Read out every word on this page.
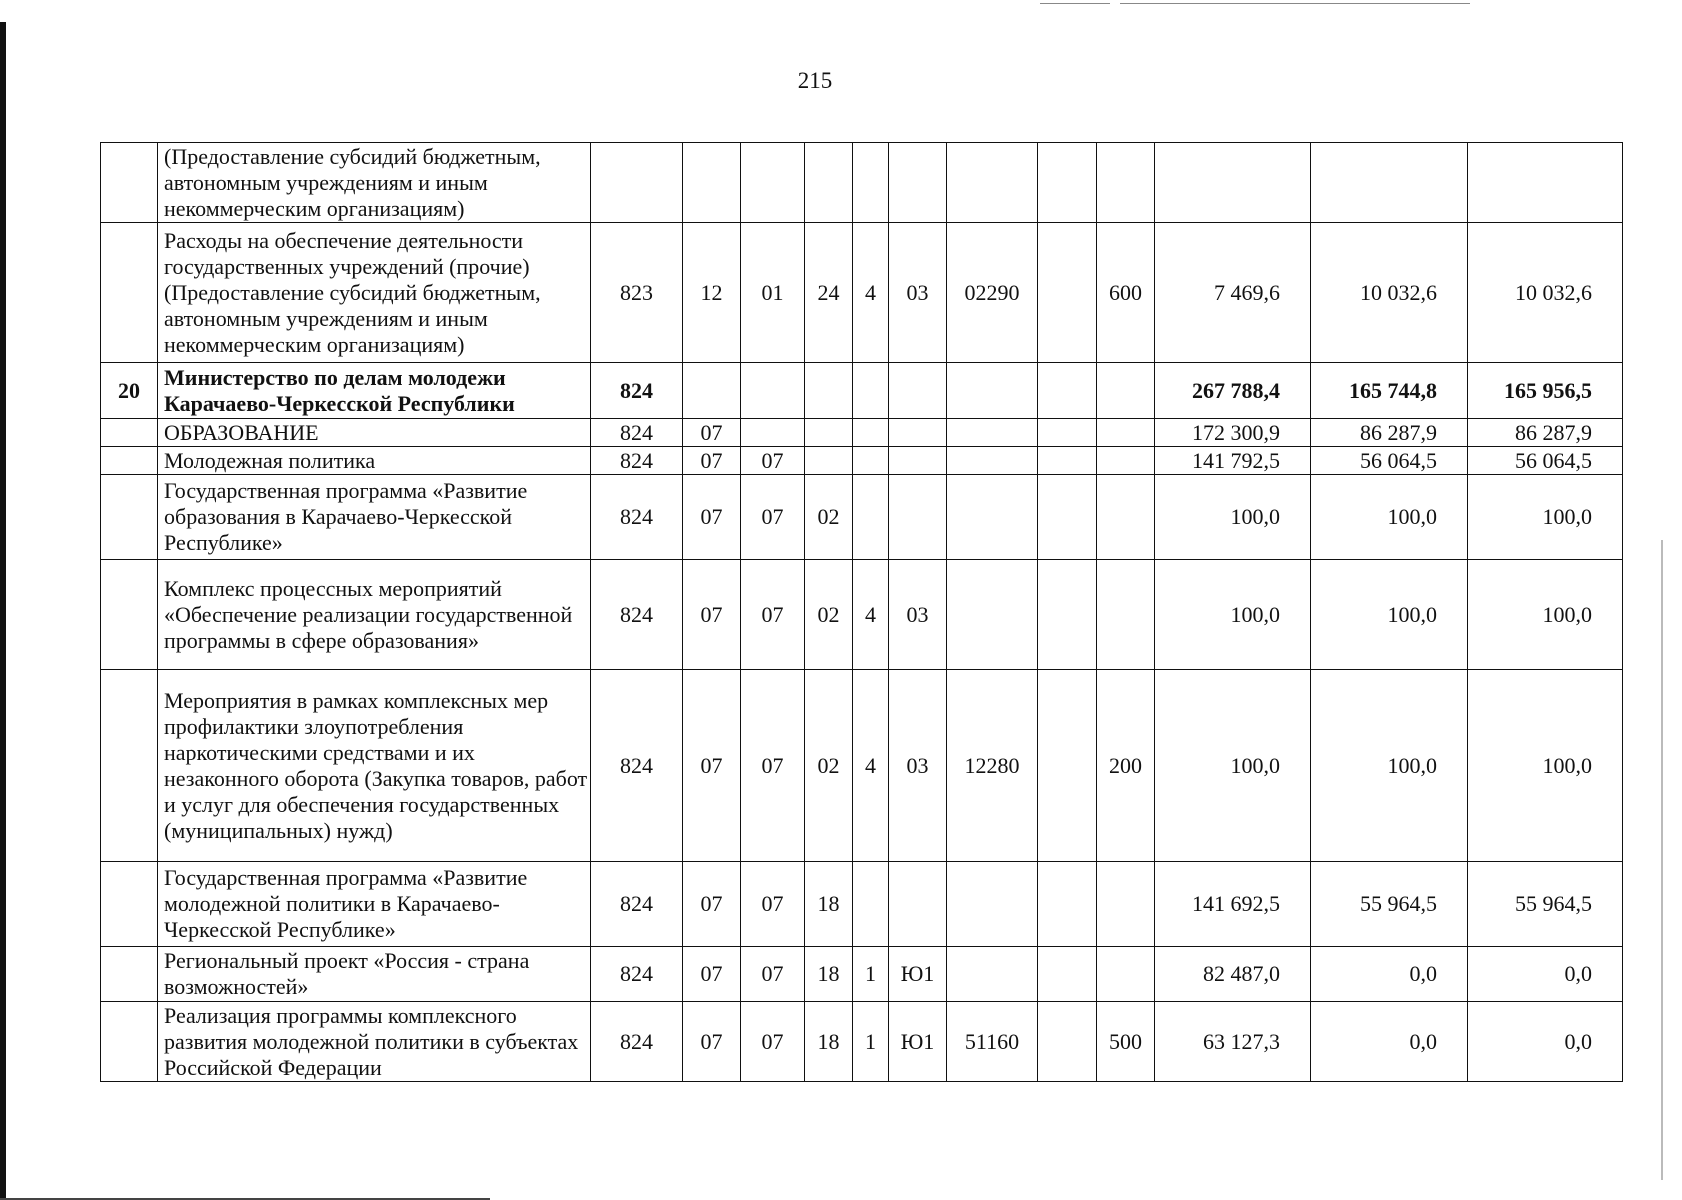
215
	(Предоставление субсидий бюджетным, автономным учреждениям и иным некоммерческим организациям)												
	Расходы на обеспечение деятельности государственных учреждений (прочие) (Предоставление субсидий бюджетным, автономным учреждениям и иным некоммерческим организациям)	823	12	01	24	4	03	02290		600	7 469,6	10 032,6	10 032,6
20	Министерство по делам молодежи Карачаево-Черкесской Республики	824									267 788,4	165 744,8	165 956,5
	ОБРАЗОВАНИЕ	824	07								172 300,9	86 287,9	86 287,9
	Молодежная политика	824	07	07							141 792,5	56 064,5	56 064,5
	Государственная программа «Развитие образования в Карачаево-Черкесской Республике»	824	07	07	02						100,0	100,0	100,0
	Комплекс процессных мероприятий «Обеспечение реализации государственной программы в сфере образования»	824	07	07	02	4	03				100,0	100,0	100,0
	Мероприятия в рамках комплексных мер профилактики злоупотребления наркотическими средствами и их незаконного оборота (Закупка товаров, работ и услуг для обеспечения государственных (муниципальных) нужд)	824	07	07	02	4	03	12280		200	100,0	100,0	100,0
	Государственная программа «Развитие молодежной политики в Карачаево-Черкесской Республике»	824	07	07	18						141 692,5	55 964,5	55 964,5
	Региональный проект «Россия - страна возможностей»	824	07	07	18	1	Ю1				82 487,0	0,0	0,0
	Реализация программы комплексного развития молодежной политики в субъектах Российской Федерации	824	07	07	18	1	Ю1	51160		500	63 127,3	0,0	0,0
